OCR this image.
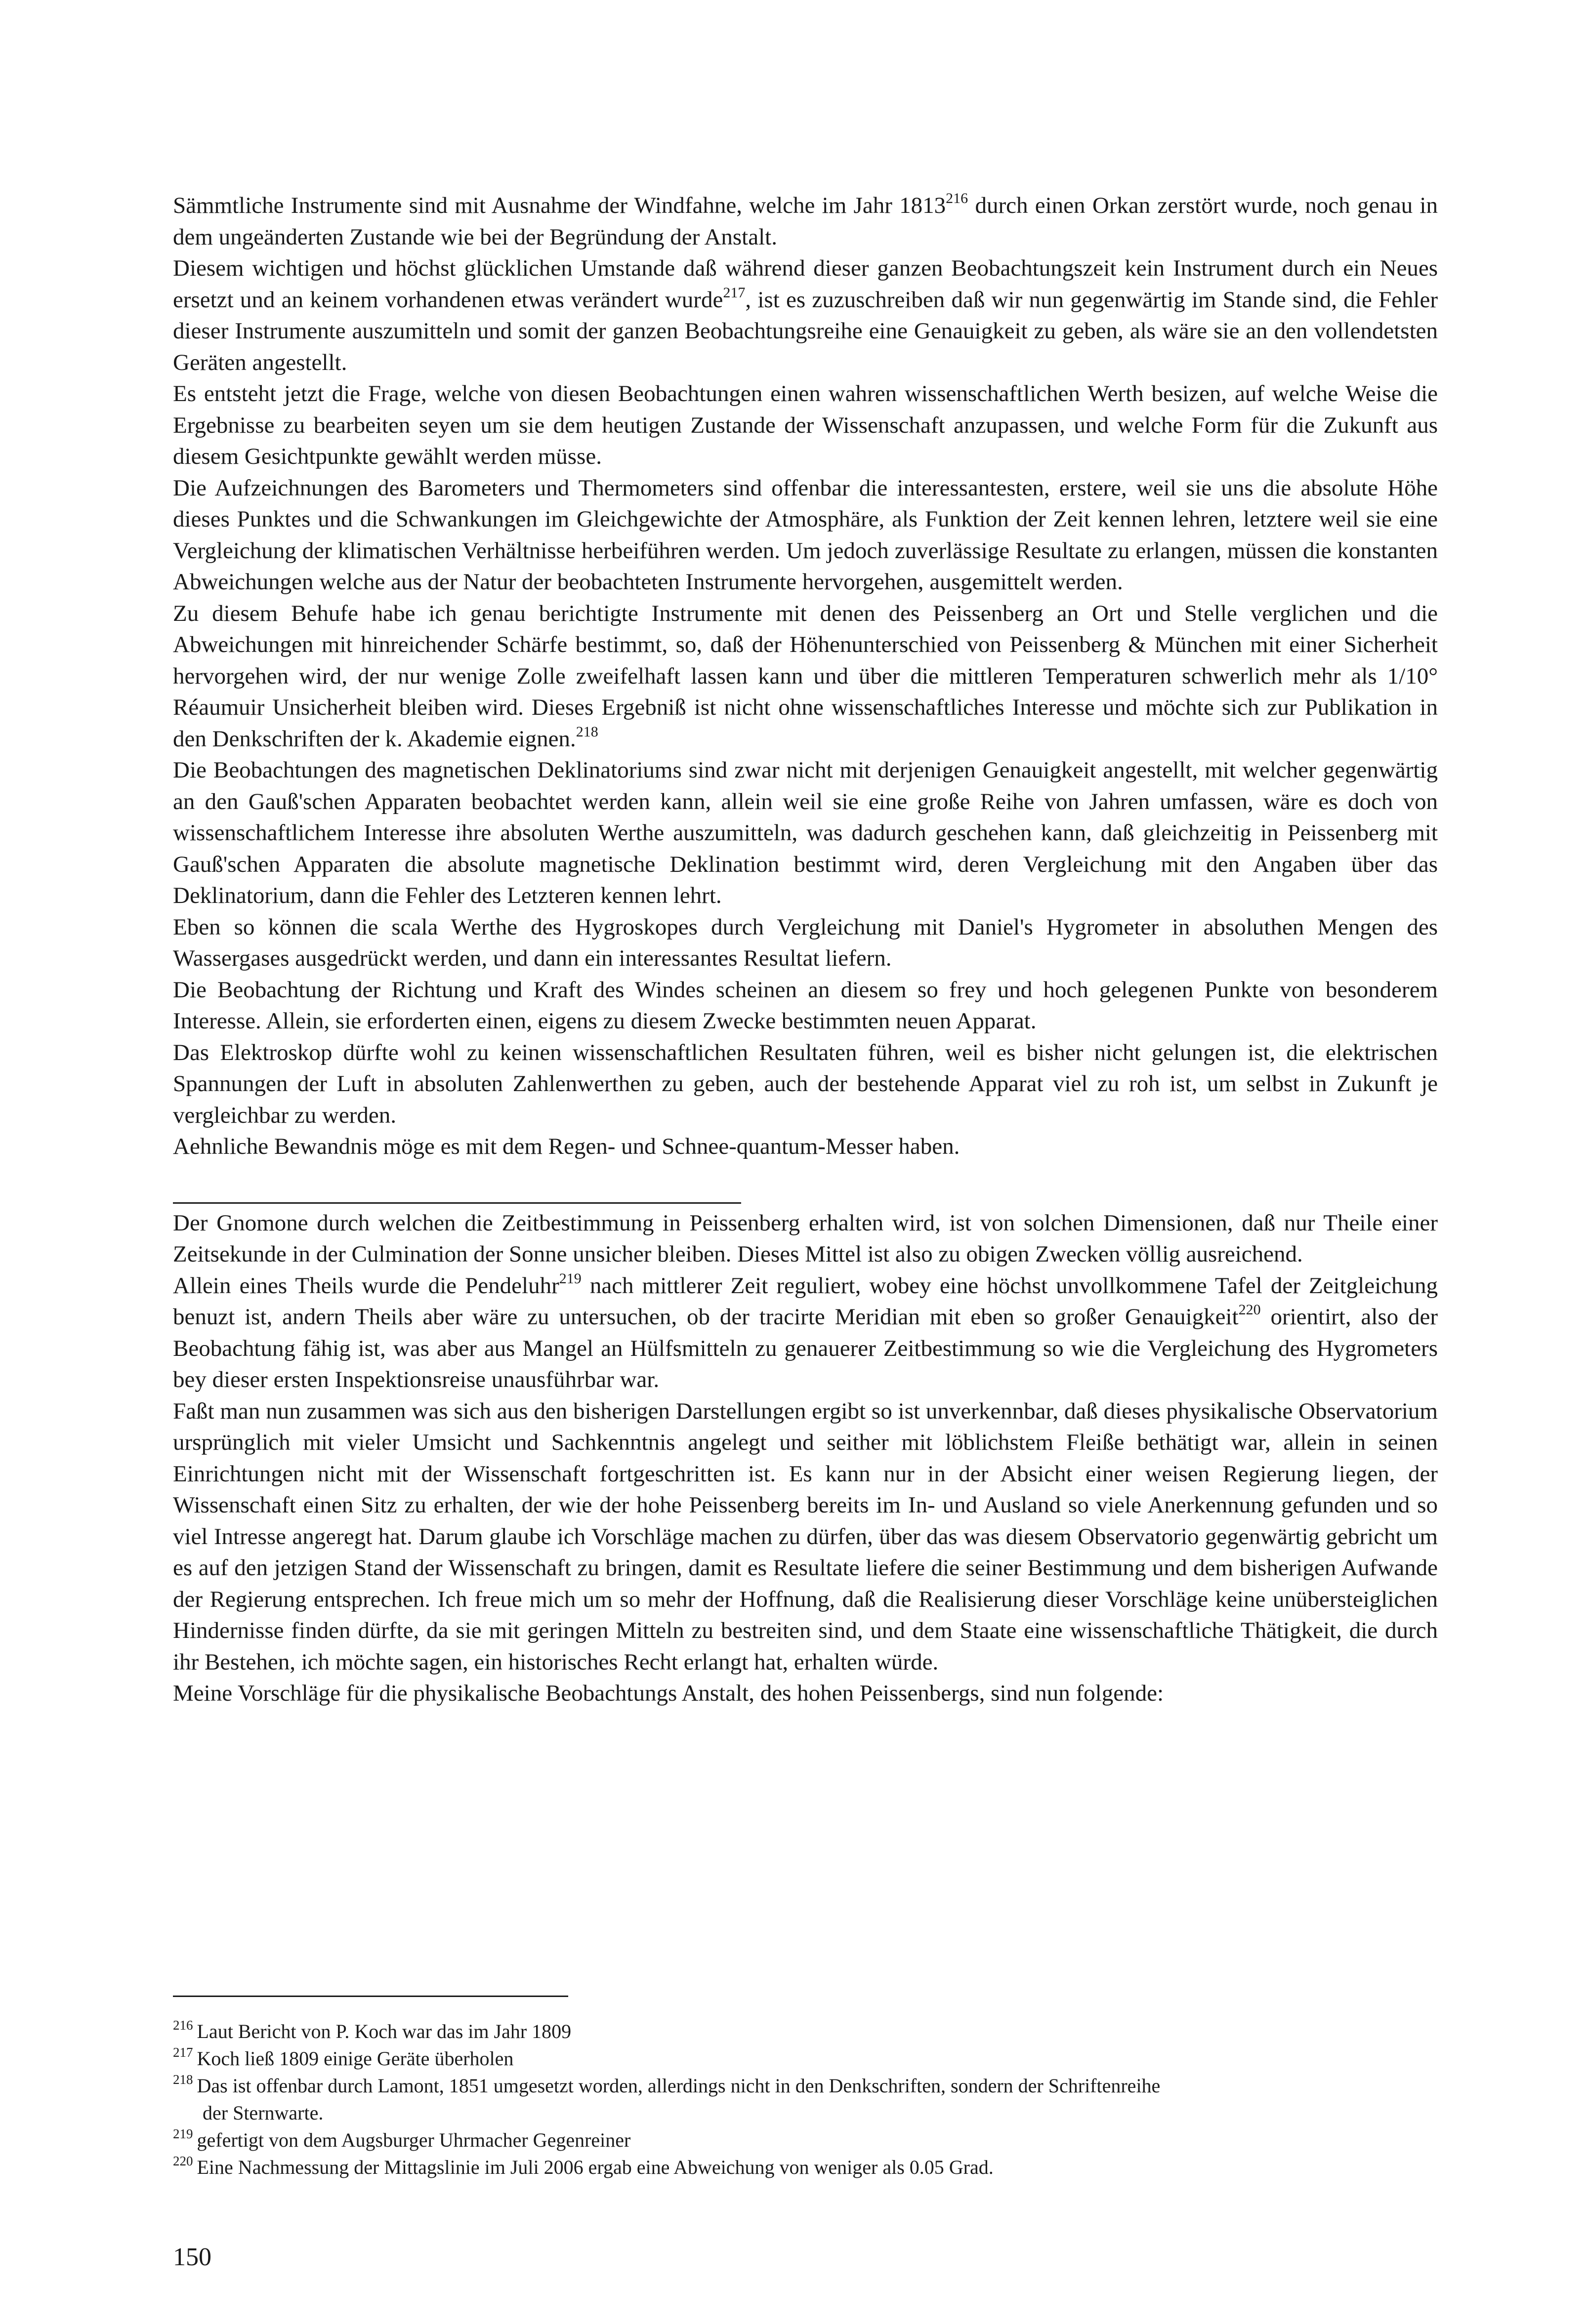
Sämmtliche Instrumente sind mit Ausnahme der Windfahne, welche im Jahr 1813$^{216}$ durch einen Orkan zerstört wurde, noch genau in dem ungeänderten Zustande wie bei der Begründung der Anstalt.

Diesem wichtigen und höchst glücklichen Umstande daß während dieser ganzen Beobachtungszeit kein Instrument durch ein Neues ersetzt und an keinem vorhandenen etwas verändert wurde$^{217}$, ist es zuzuschreiben daß wir nun gegenwärtig im Stande sind, die Fehler dieser Instrumente auszumitteln und somit der ganzen Beobachtungsreihe eine Genauigkeit zu geben, als wäre sie an den vollendetsten Geräten angestellt.

Es entsteht jetzt die Frage, welche von diesen Beobachtungen einen wahren wissenschaftlichen Werth besizen, auf welche Weise die Ergebnisse zu bearbeiten seyen um sie dem heutigen Zustande der Wissenschaft anzupassen, und welche Form für die Zukunft aus diesem Gesichtpunkte gewählt werden müsse.

Die Aufzeichnungen des Barometers und Thermometers sind offenbar die interessantesten, erstere, weil sie uns die absolute Höhe dieses Punktes und die Schwankungen im Gleichgewichte der Atmosphäre, als Funktion der Zeit kennen lehren, letztere weil sie eine Vergleichung der klimatischen Verhältnisse herbeiführen werden. Um jedoch zuverlässige Resultate zu erlangen, müssen die konstanten Abweichungen welche aus der Natur der beobachteten Instrumente hervorgehen, ausgemittelt werden.

Zu diesem Behufe habe ich genau berichtigte Instrumente mit denen des Peissenberg an Ort und Stelle verglichen und die Abweichungen mit hinreichender Schärfe bestimmt, so, daß der Höhenunterschied von Peissenberg & München mit einer Sicherheit hervorgehen wird, der nur wenige Zolle zweifelhaft lassen kann und über die mittleren Temperaturen schwerlich mehr als 1/10° Réaumuir Unsicherheit bleiben wird. Dieses Ergebniß ist nicht ohne wissenschaftliches Interesse und möchte sich zur Publikation in den Denkschriften der k. Akademie eignen.$^{218}$

Die Beobachtungen des magnetischen Deklinatoriums sind zwar nicht mit derjenigen Genauigkeit angestellt, mit welcher gegenwärtig an den Gauß'schen Apparaten beobachtet werden kann, allein weil sie eine große Reihe von Jahren umfassen, wäre es doch von wissenschaftlichem Interesse ihre absoluten Werthe auszumitteln, was dadurch geschehen kann, daß gleichzeitig in Peissenberg mit Gauß'schen Apparaten die absolute magnetische Deklination bestimmt wird, deren Vergleichung mit den Angaben über das Deklinatorium, dann die Fehler des Letzteren kennen lehrt.

Eben so können die scala Werthe des Hygroskopes durch Vergleichung mit Daniel's Hygrometer in absoluthen Mengen des Wassergases ausgedrückt werden, und dann ein interessantes Resultat liefern.

Die Beobachtung der Richtung und Kraft des Windes scheinen an diesem so frey und hoch gelegenen Punkte von besonderem Interesse. Allein, sie erforderten einen, eigens zu diesem Zwecke bestimmten neuen Apparat.

Das Elektroskop dürfte wohl zu keinen wissenschaftlichen Resultaten führen, weil es bisher nicht gelungen ist, die elektrischen Spannungen der Luft in absoluten Zahlenwerthen zu geben, auch der bestehende Apparat viel zu roh ist, um selbst in Zukunft je vergleichbar zu werden.

Aehnliche Bewandnis möge es mit dem Regen- und Schnee-quantum-Messer haben.

Der Gnomone durch welchen die Zeitbestimmung in Peissenberg erhalten wird, ist von solchen Dimensionen, daß nur Theile einer Zeitsekunde in der Culmination der Sonne unsicher bleiben. Dieses Mittel ist also zu obigen Zwecken völlig ausreichend.

Allein eines Theils wurde die Pendeluhr$^{219}$ nach mittlerer Zeit reguliert, wobey eine höchst unvollkommene Tafel der Zeitgleichung benuzt ist, andern Theils aber wäre zu untersuchen, ob der tracirte Meridian mit eben so großer Genauigkeit$^{220}$ orientirt, also der Beobachtung fähig ist, was aber aus Mangel an Hülfsmitteln zu genauerer Zeitbestimmung so wie die Vergleichung des Hygrometers bey dieser ersten Inspektionsreise unausführbar war.

Faßt man nun zusammen was sich aus den bisherigen Darstellungen ergibt so ist unverkennbar, daß dieses physikalische Observatorium ursprünglich mit vieler Umsicht und Sachkenntnis angelegt und seither mit löblichstem Fleiße bethätigt war, allein in seinen Einrichtungen nicht mit der Wissenschaft fortgeschritten ist. Es kann nur in der Absicht einer weisen Regierung liegen, der Wissenschaft einen Sitz zu erhalten, der wie der hohe Peissenberg bereits im In- und Ausland so viele Anerkennung gefunden und so viel Intresse angeregt hat. Darum glaube ich Vorschläge machen zu dürfen, über das was diesem Observatorio gegenwärtig gebricht um es auf den jetzigen Stand der Wissenschaft zu bringen, damit es Resultate liefere die seiner Bestimmung und dem bisherigen Aufwande der Regierung entsprechen. Ich freue mich um so mehr der Hoffnung, daß die Realisierung dieser Vorschläge keine unübersteiglichen Hindernisse finden dürfte, da sie mit geringen Mitteln zu bestreiten sind, und dem Staate eine wissenschaftliche Thätigkeit, die durch ihr Bestehen, ich möchte sagen, ein historisches Recht erlangt hat, erhalten würde.

Meine Vorschläge für die physikalische Beobachtungs Anstalt, des hohen Peissenbergs, sind nun folgende:

$^{216}$ Laut Bericht von P. Koch war das im Jahr 1809

$^{217}$ Koch ließ 1809 einige Geräte überholen

$^{218}$ Das ist offenbar durch Lamont, 1851 umgesetzt worden, allerdings nicht in den Denkschriften, sondern der Schriftenreihe
der Sternwarte.

$^{219}$ gefertigt von dem Augsburger Uhrmacher Gegenreiner

$^{220}$ Eine Nachmessung der Mittagslinie im Juli 2006 ergab eine Abweichung von weniger als 0.05 Grad.

150
